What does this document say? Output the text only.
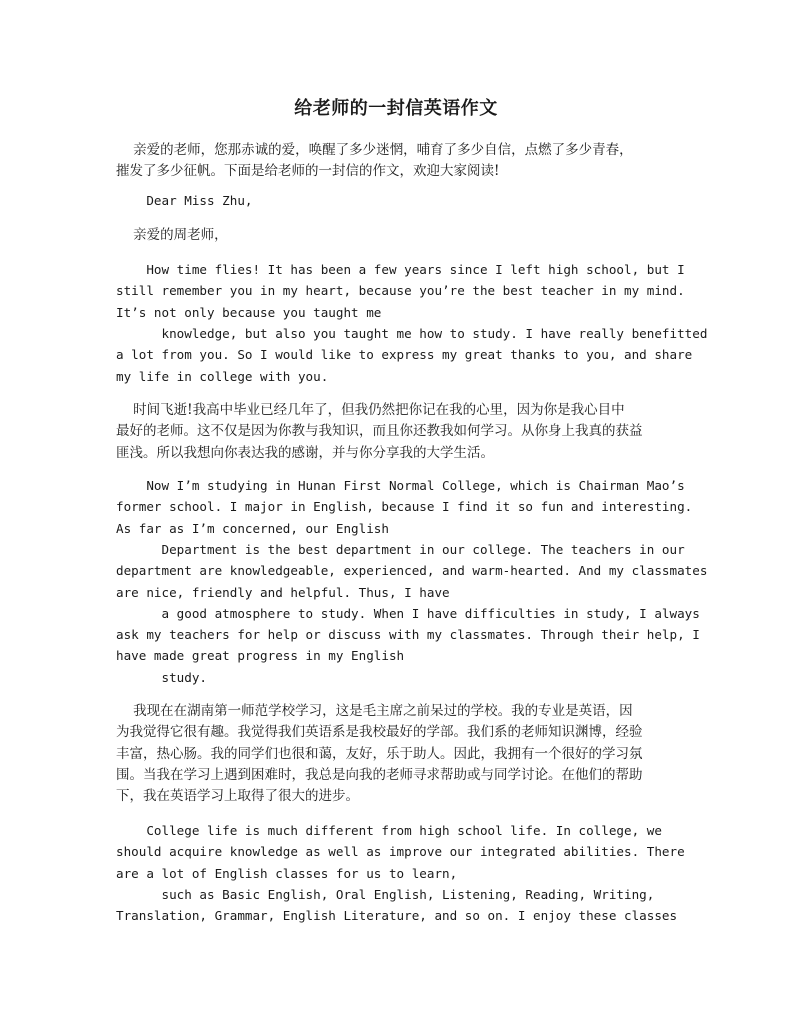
给老师的一封信英语作文
亲爱的老师，您那赤诚的爱，唤醒了多少迷惘，哺育了多少自信，点燃了多少青春，
摧发了多少征帆。下面是给老师的一封信的作文，欢迎大家阅读!
Dear Miss Zhu,
亲爱的周老师，
How time flies! It has been a few years since I left high school, but I
still remember you in my heart, because you’re the best teacher in my mind.
It’s not only because you taught me
knowledge, but also you taught me how to study. I have really benefitted
a lot from you. So I would like to express my great thanks to you, and share
my life in college with you.
时间飞逝!我高中毕业已经几年了，但我仍然把你记在我的心里，因为你是我心目中
最好的老师。这不仅是因为你教与我知识，而且你还教我如何学习。从你身上我真的获益
匪浅。所以我想向你表达我的感谢，并与你分享我的大学生活。
Now I’m studying in Hunan First Normal College, which is Chairman Mao’s
former school. I major in English, because I find it so fun and interesting.
As far as I’m concerned, our English
Department is the best department in our college. The teachers in our
department are knowledgeable, experienced, and warm-hearted. And my classmates
are nice, friendly and helpful. Thus, I have
a good atmosphere to study. When I have difficulties in study, I always
ask my teachers for help or discuss with my classmates. Through their help, I
have made great progress in my English
study.
我现在在湖南第一师范学校学习，这是毛主席之前呆过的学校。我的专业是英语，因
为我觉得它很有趣。我觉得我们英语系是我校最好的学部。我们系的老师知识渊博，经验
丰富，热心肠。我的同学们也很和蔼，友好，乐于助人。因此，我拥有一个很好的学习氛
围。当我在学习上遇到困难时，我总是向我的老师寻求帮助或与同学讨论。在他们的帮助
下，我在英语学习上取得了很大的进步。
College life is much different from high school life. In college, we
should acquire knowledge as well as improve our integrated abilities. There
are a lot of English classes for us to learn,
such as Basic English, Oral English, Listening, Reading, Writing,
Translation, Grammar, English Literature, and so on. I enjoy these classes
